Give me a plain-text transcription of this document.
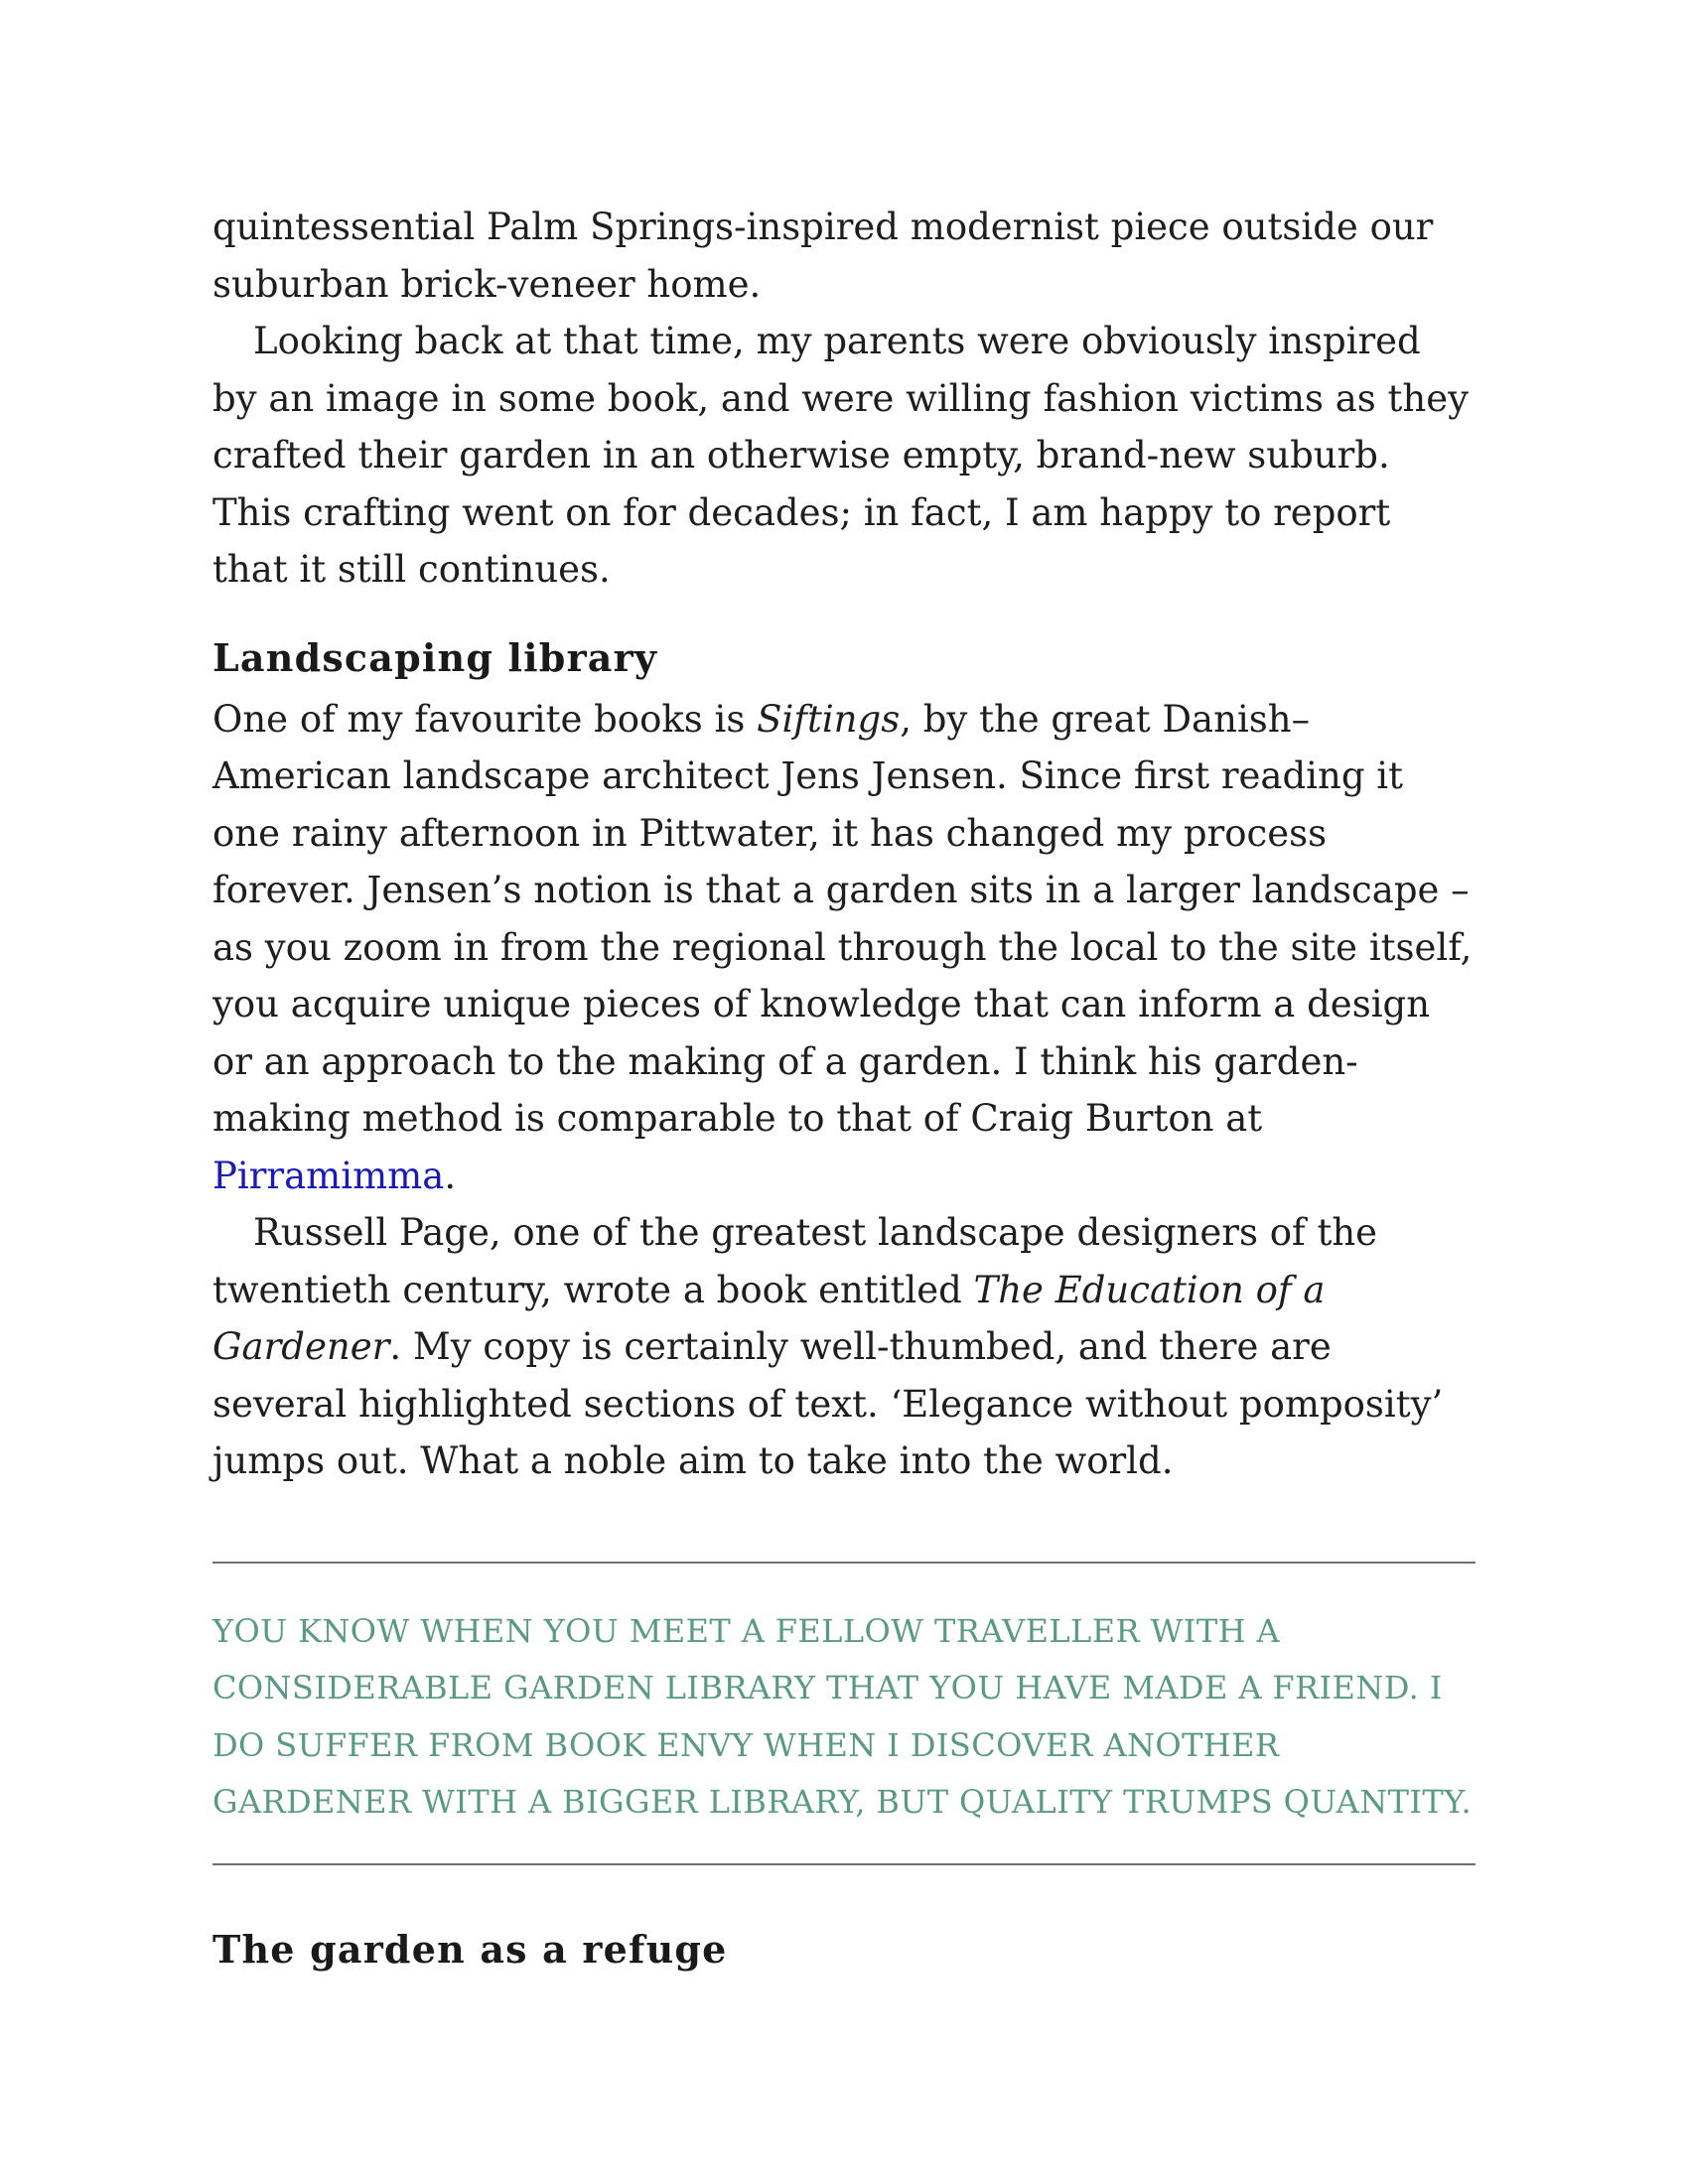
quintessential Palm Springs-inspired modernist piece outside our suburban brick-veneer home.

Looking back at that time, my parents were obviously inspired by an image in some book, and were willing fashion victims as they crafted their garden in an otherwise empty, brand-new suburb. This crafting went on for decades; in fact, I am happy to report that it still continues.

Landscaping library

One of my favourite books is Siftings, by the great Danish–American landscape architect Jens Jensen. Since first reading it one rainy afternoon in Pittwater, it has changed my process forever. Jensen’s notion is that a garden sits in a larger landscape – as you zoom in from the regional through the local to the site itself, you acquire unique pieces of knowledge that can inform a design or an approach to the making of a garden. I think his garden-making method is comparable to that of Craig Burton at Pirramimma.

Russell Page, one of the greatest landscape designers of the twentieth century, wrote a book entitled The Education of a Gardener. My copy is certainly well-thumbed, and there are several highlighted sections of text. ‘Elegance without pomposity’ jumps out. What a noble aim to take into the world.

YOU KNOW WHEN YOU MEET A FELLOW TRAVELLER WITH A CONSIDERABLE GARDEN LIBRARY THAT YOU HAVE MADE A FRIEND. I DO SUFFER FROM BOOK ENVY WHEN I DISCOVER ANOTHER GARDENER WITH A BIGGER LIBRARY, BUT QUALITY TRUMPS QUANTITY.

The garden as a refuge
